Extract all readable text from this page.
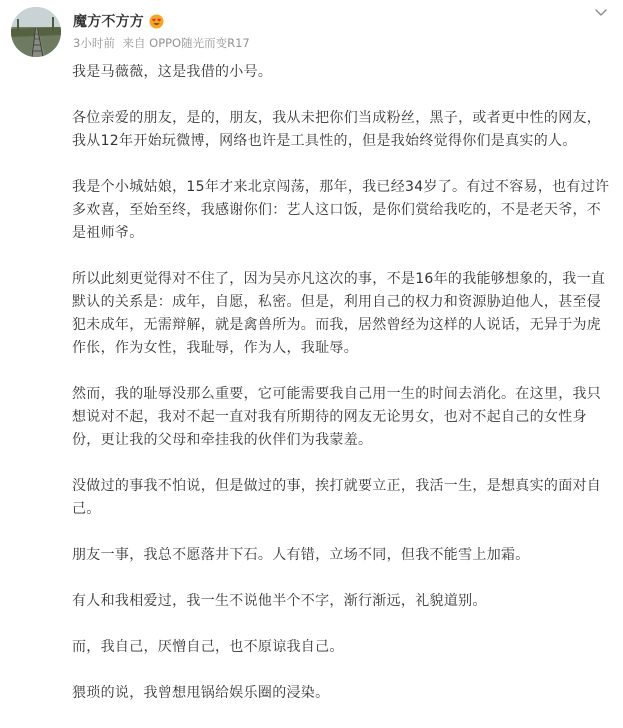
魔方不方方
3小时前 来自 OPPO随光而变R17

我是马薇薇，这是我借的小号。

各位亲爱的朋友，是的，朋友，我从未把你们当成粉丝，黑子，或者更中性的网友，我从12年开始玩微博，网络也许是工具性的，但是我始终觉得你们是真实的人。

我是个小城姑娘，15年才来北京闯荡，那年，我已经34岁了。有过不容易，也有过许多欢喜，至始至终，我感谢你们：艺人这口饭，是你们赏给我吃的，不是老天爷，不是祖师爷。

所以此刻更觉得对不住了，因为吴亦凡这次的事，不是16年的我能够想象的，我一直默认的关系是：成年，自愿，私密。但是，利用自己的权力和资源胁迫他人，甚至侵犯未成年，无需辩解，就是禽兽所为。而我，居然曾经为这样的人说话，无异于为虎作伥，作为女性，我耻辱，作为人，我耻辱。

然而，我的耻辱没那么重要，它可能需要我自己用一生的时间去消化。在这里，我只想说对不起，我对不起一直对我有所期待的网友无论男女，也对不起自己的女性身份，更让我的父母和牵挂我的伙伴们为我蒙羞。

没做过的事我不怕说，但是做过的事，挨打就要立正，我活一生，是想真实的面对自己。

朋友一事，我总不愿落井下石。人有错，立场不同，但我不能雪上加霜。

有人和我相爱过，我一生不说他半个不字，渐行渐远，礼貌道别。

而，我自己，厌憎自己，也不原谅我自己。

猥琐的说，我曾想甩锅给娱乐圈的浸染。
